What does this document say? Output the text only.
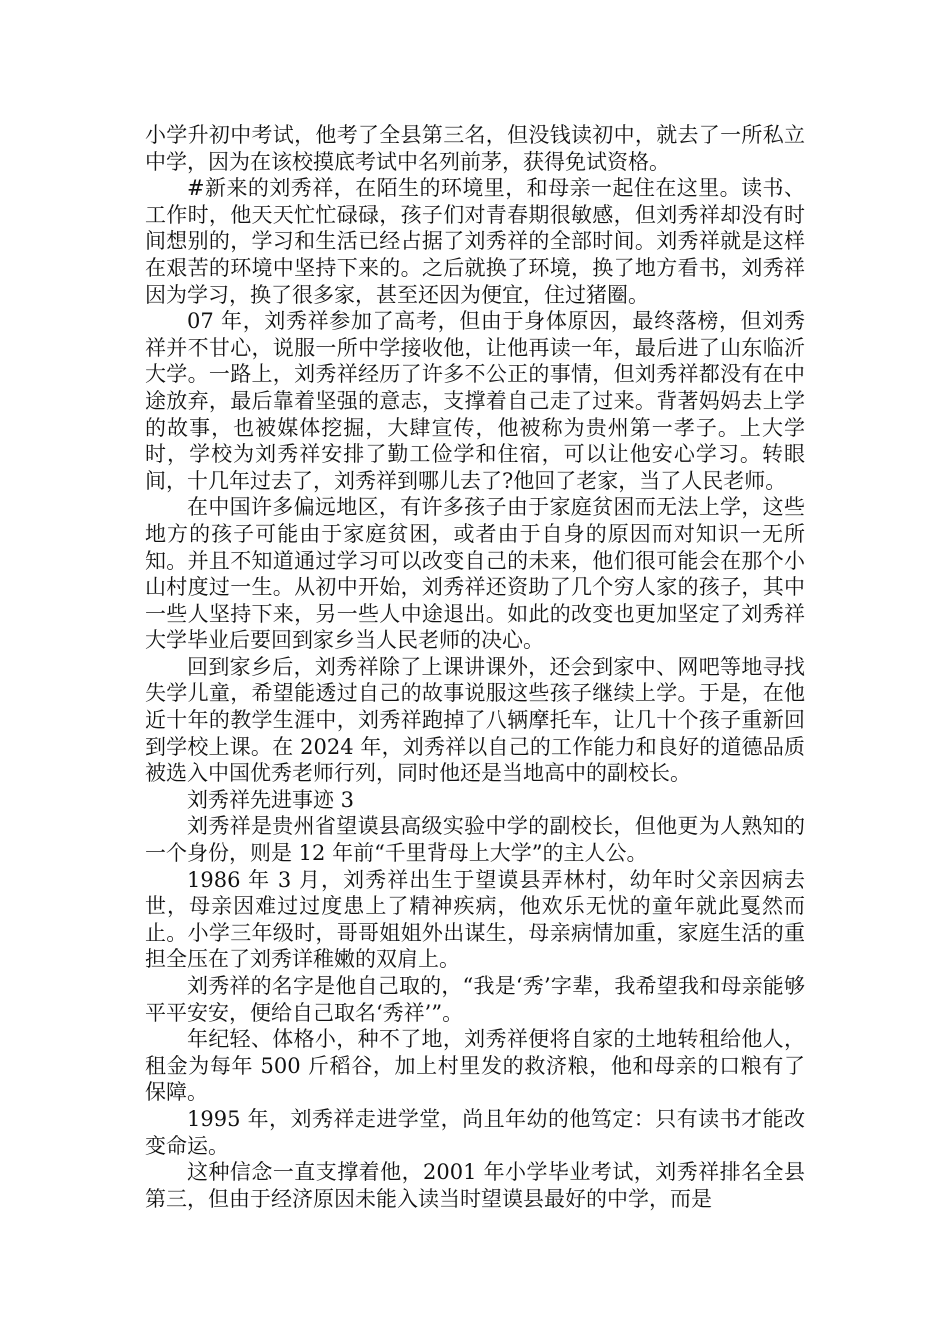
小学升初中考试，他考了全县第三名，但没钱读初中，就去了一所私立中学，因为在该校摸底考试中名列前茅，获得免试资格。

#新来的刘秀祥，在陌生的环境里，和母亲一起住在这里。读书、工作时，他天天忙忙碌碌，孩子们对青春期很敏感，但刘秀祥却没有时间想别的，学习和生活已经占据了刘秀祥的全部时间。刘秀祥就是这样在艰苦的环境中坚持下来的。之后就换了环境，换了地方看书，刘秀祥因为学习，换了很多家，甚至还因为便宜，住过猪圈。

07 年，刘秀祥参加了高考，但由于身体原因，最终落榜，但刘秀祥并不甘心，说服一所中学接收他，让他再读一年，最后进了山东临沂大学。一路上，刘秀祥经历了许多不公正的事情，但刘秀祥都没有在中途放弃，最后靠着坚强的意志，支撑着自己走了过来。背著妈妈去上学的故事，也被媒体挖掘，大肆宣传，他被称为贵州第一孝子。上大学时，学校为刘秀祥安排了勤工俭学和住宿，可以让他安心学习。转眼间，十几年过去了，刘秀祥到哪儿去了?他回了老家，当了人民老师。

在中国许多偏远地区，有许多孩子由于家庭贫困而无法上学，这些地方的孩子可能由于家庭贫困，或者由于自身的原因而对知识一无所知。并且不知道通过学习可以改变自己的未来，他们很可能会在那个小山村度过一生。从初中开始，刘秀祥还资助了几个穷人家的孩子，其中一些人坚持下来，另一些人中途退出。如此的改变也更加坚定了刘秀祥大学毕业后要回到家乡当人民老师的决心。

回到家乡后，刘秀祥除了上课讲课外，还会到家中、网吧等地寻找失学儿童，希望能透过自己的故事说服这些孩子继续上学。于是，在他近十年的教学生涯中，刘秀祥跑掉了八辆摩托车，让几十个孩子重新回到学校上课。在 2024 年，刘秀祥以自己的工作能力和良好的道德品质被选入中国优秀老师行列，同时他还是当地高中的副校长。

刘秀祥先进事迹 3

刘秀祥是贵州省望谟县高级实验中学的副校长，但他更为人熟知的一个身份，则是 12 年前“千里背母上大学”的主人公。

1986 年 3 月，刘秀祥出生于望谟县弄林村，幼年时父亲因病去世，母亲因难过过度患上了精神疾病，他欢乐无忧的童年就此戛然而止。小学三年级时，哥哥姐姐外出谋生，母亲病情加重，家庭生活的重担全压在了刘秀详稚嫩的双肩上。

刘秀祥的名字是他自己取的，“我是‘秀’字辈，我希望我和母亲能够平平安安，便给自己取名‘秀祥’”。

年纪轻、体格小，种不了地，刘秀祥便将自家的土地转租给他人，租金为每年 500 斤稻谷，加上村里发的救济粮，他和母亲的口粮有了保障。

1995 年，刘秀祥走进学堂，尚且年幼的他笃定：只有读书才能改变命运。

这种信念一直支撑着他，2001 年小学毕业考试，刘秀祥排名全县第三，但由于经济原因未能入读当时望谟县最好的中学，而是
